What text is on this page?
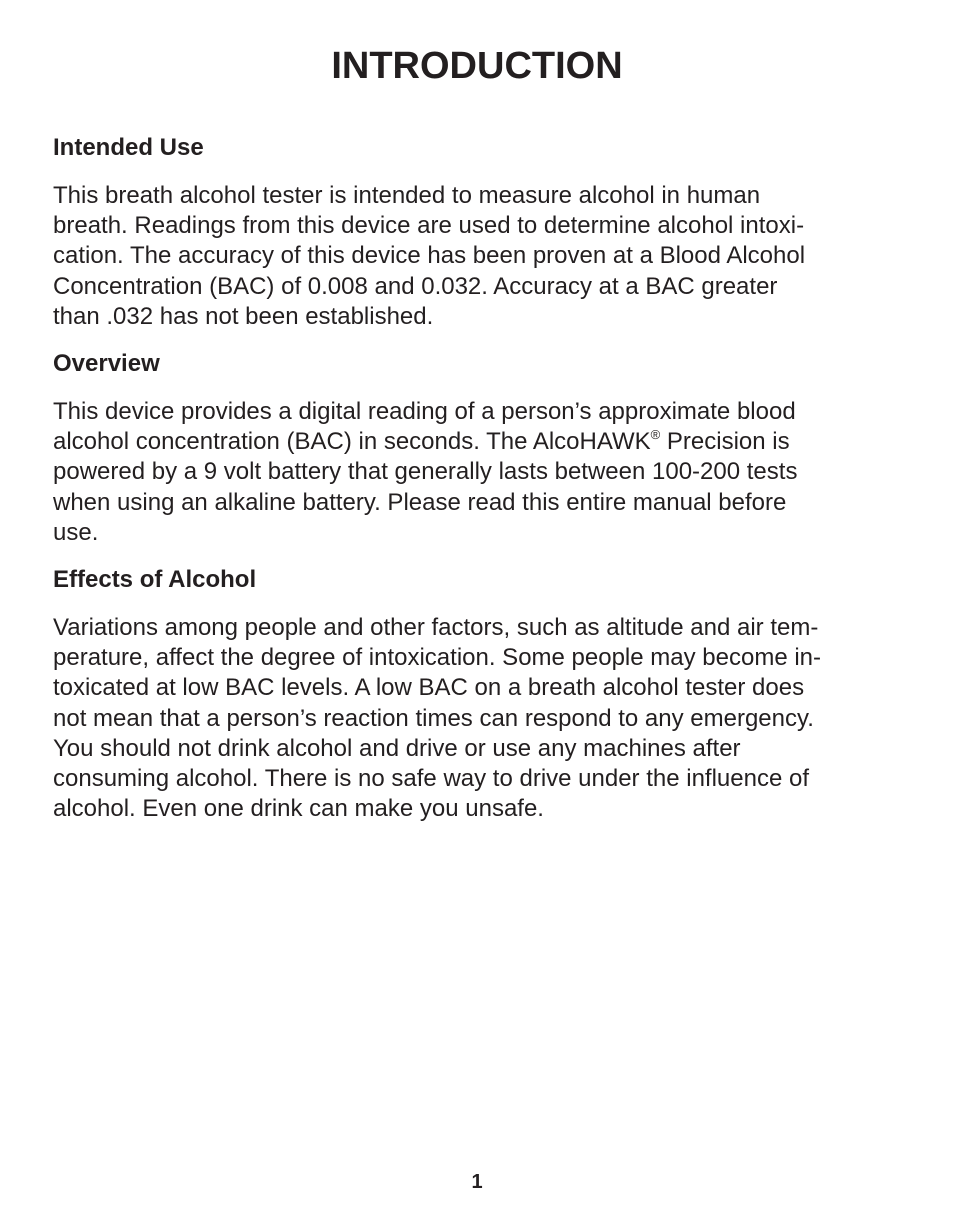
INTRODUCTION
Intended Use

This breath alcohol tester is intended to measure alcohol in human
breath. Readings from this device are used to determine alcohol intoxi-
cation. The accuracy of this device has been proven at a Blood Alcohol
Concentration (BAC) of 0.008 and 0.032. Accuracy at a BAC greater
than .032 has not been established.

Overview

This device provides a digital reading of a person’s approximate blood
alcohol concentration (BAC) in seconds. The AlcoHAWK® Precision is
powered by a 9 volt battery that generally lasts between 100-200 tests
when using an alkaline battery. Please read this entire manual before
use.

Effects of Alcohol

Variations among people and other factors, such as altitude and air tem-
perature, affect the degree of intoxication. Some people may become in-
toxicated at low BAC levels. A low BAC on a breath alcohol tester does
not mean that a person’s reaction times can respond to any emergency.
You should not drink alcohol and drive or use any machines after
consuming alcohol. There is no safe way to drive under the influence of
alcohol. Even one drink can make you unsafe.

1
